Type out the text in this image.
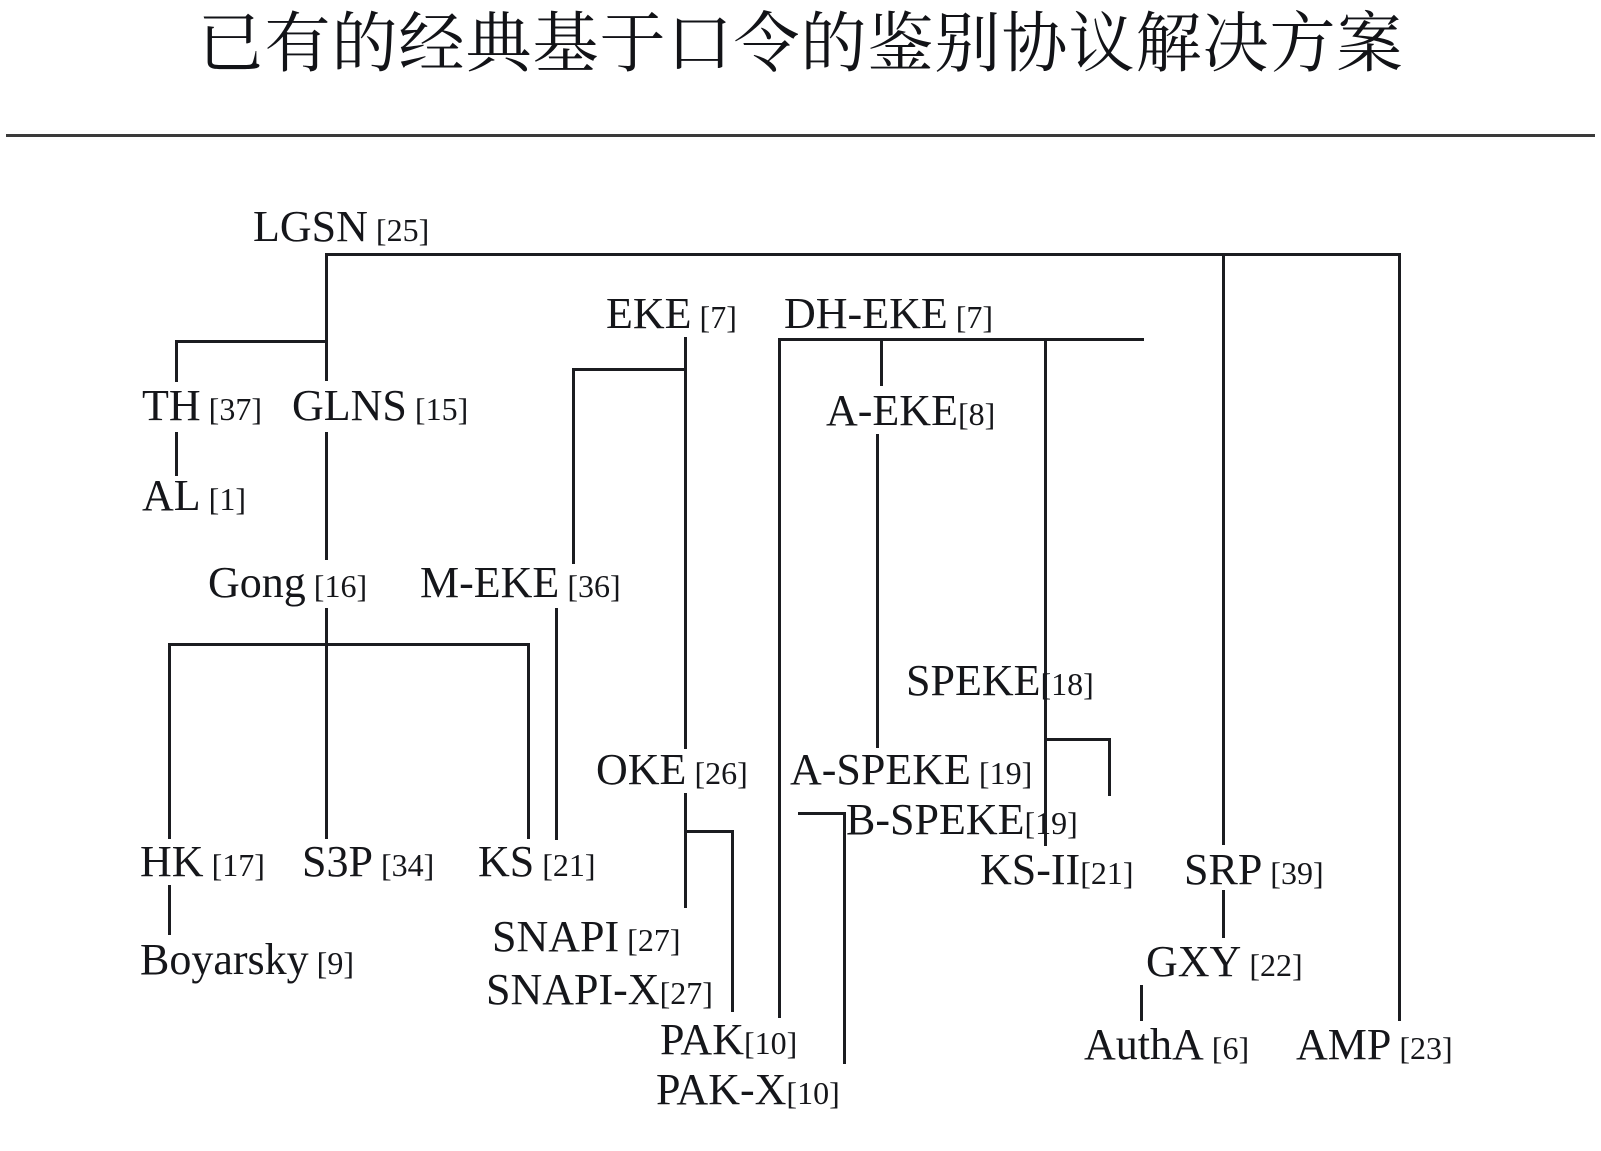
已有的经典基于口令的鉴别协议解决方案
LGSN [25]
EKE [7] DH-EKE [7]
TH [37] GLNS [15]	A-EKE[8]
AL [1]
Gong [16] M-EKE [36]
SPEKE[18]
OKE [26] A-SPEKE [19]
B-SPEKE[19]
HK [17] S3P [34] KS [21]	KS-II[21] SRP [39]
SNAPI [27]
Boyarsky [9]	GXY [22]
SNAPI-X[27]
PAK[10]	AuthA [6] AMP [23]
PAK-X[10]
